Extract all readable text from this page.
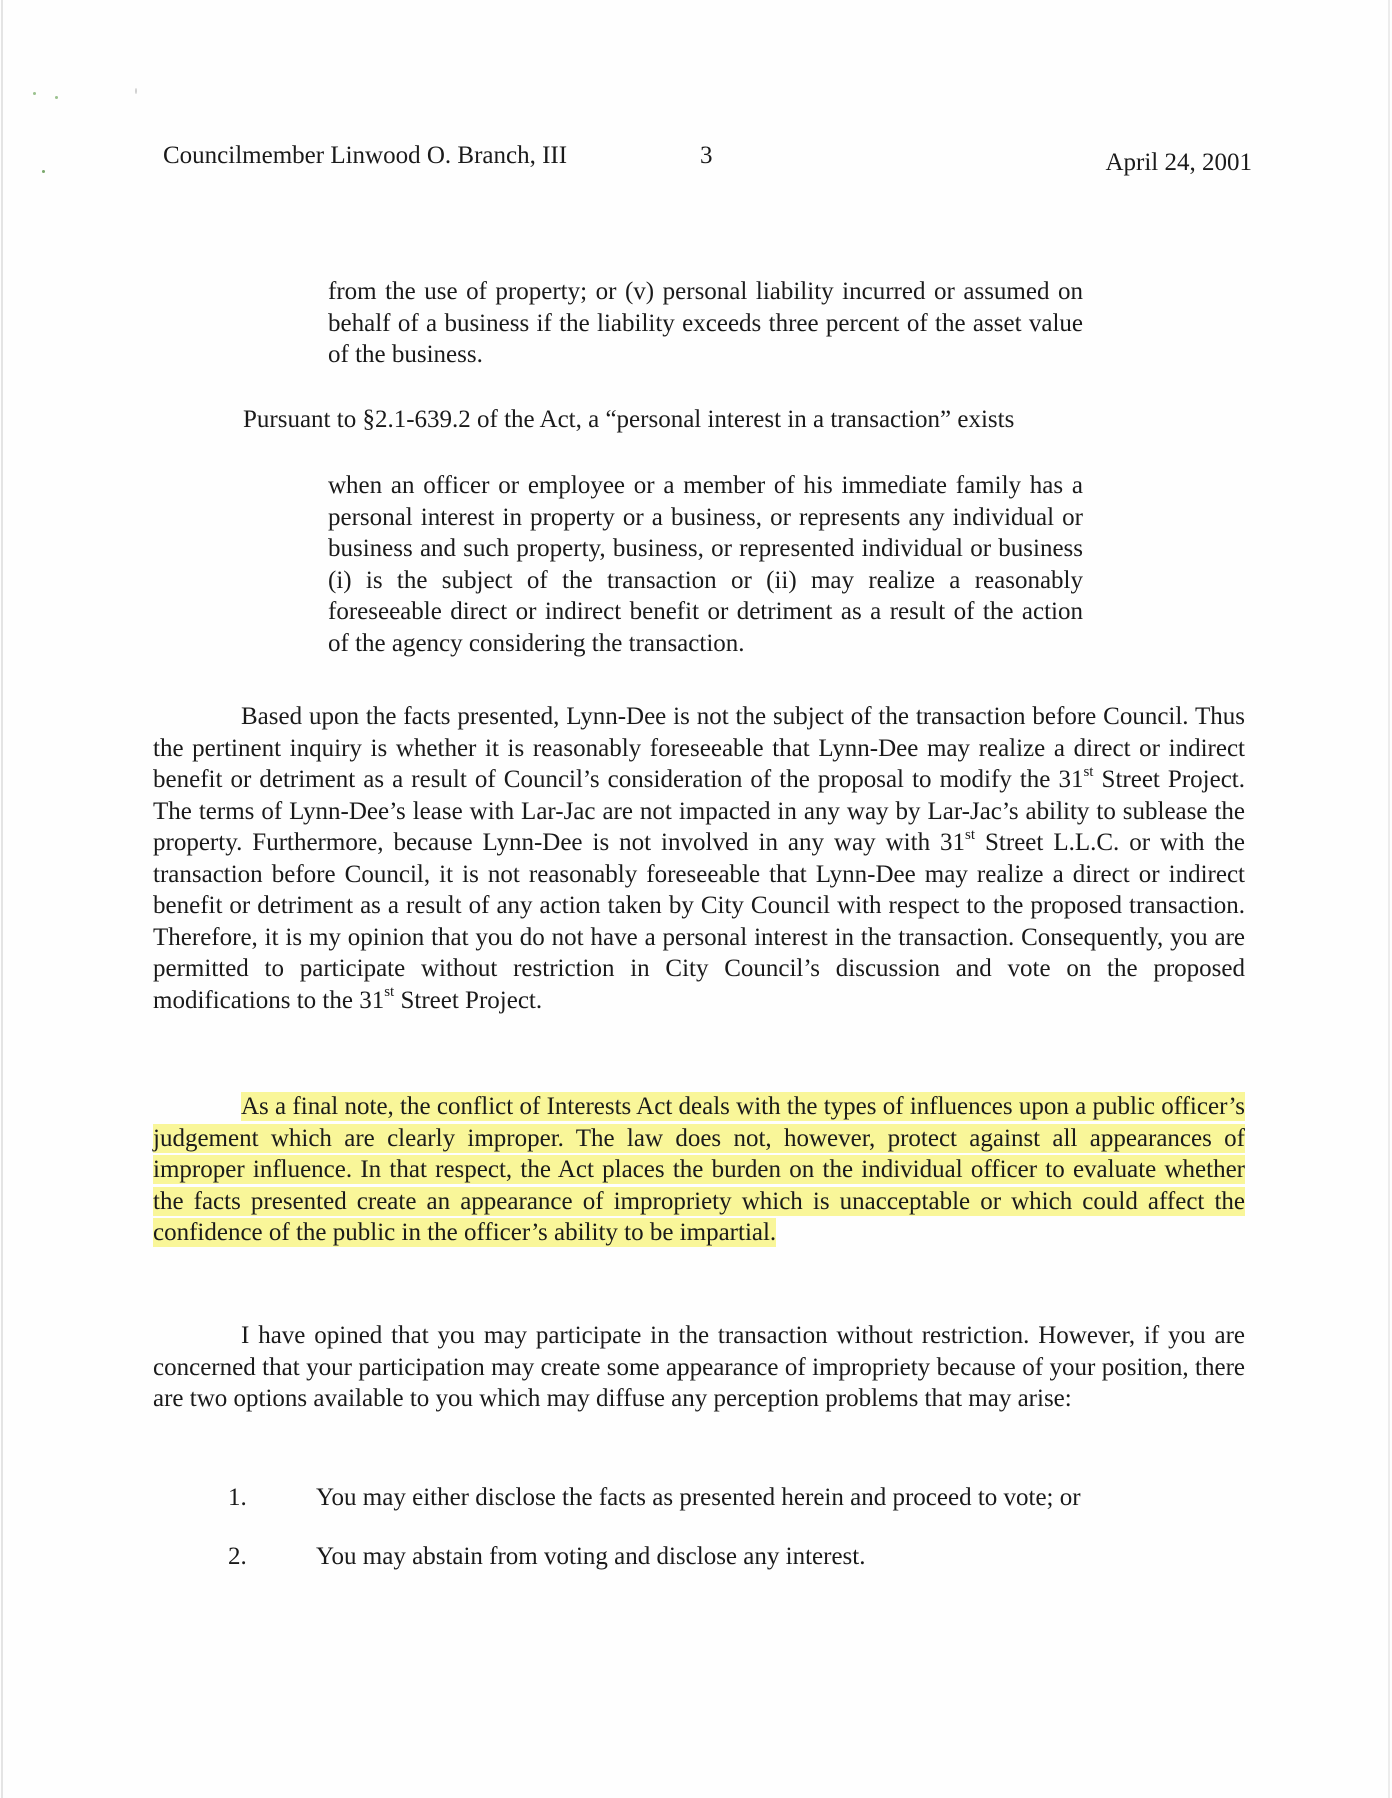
Councilmember Linwood O. Branch, III	3	April 24, 2001
from the use of property; or (v) personal liability incurred or assumed on behalf of a business if the liability exceeds three percent of the asset value of the business.
Pursuant to §2.1-639.2 of the Act, a “personal interest in a transaction” exists
when an officer or employee or a member of his immediate family has a personal interest in property or a business, or represents any individual or business and such property, business, or represented individual or business (i) is the subject of the transaction or (ii) may realize a reasonably foreseeable direct or indirect benefit or detriment as a result of the action of the agency considering the transaction.
Based upon the facts presented, Lynn-Dee is not the subject of the transaction before Council. Thus the pertinent inquiry is whether it is reasonably foreseeable that Lynn-Dee may realize a direct or indirect benefit or detriment as a result of Council’s consideration of the proposal to modify the 31st Street Project. The terms of Lynn-Dee’s lease with Lar-Jac are not impacted in any way by Lar-Jac’s ability to sublease the property. Furthermore, because Lynn-Dee is not involved in any way with 31st Street L.L.C. or with the transaction before Council, it is not reasonably foreseeable that Lynn-Dee may realize a direct or indirect benefit or detriment as a result of any action taken by City Council with respect to the proposed transaction. Therefore, it is my opinion that you do not have a personal interest in the transaction. Consequently, you are permitted to participate without restriction in City Council’s discussion and vote on the proposed modifications to the 31st Street Project.
As a final note, the conflict of Interests Act deals with the types of influences upon a public officer’s judgement which are clearly improper. The law does not, however, protect against all appearances of improper influence. In that respect, the Act places the burden on the individual officer to evaluate whether the facts presented create an appearance of impropriety which is unacceptable or which could affect the confidence of the public in the officer’s ability to be impartial.
I have opined that you may participate in the transaction without restriction. However, if you are concerned that your participation may create some appearance of impropriety because of your position, there are two options available to you which may diffuse any perception problems that may arise:
1.	You may either disclose the facts as presented herein and proceed to vote; or
2.	You may abstain from voting and disclose any interest.
